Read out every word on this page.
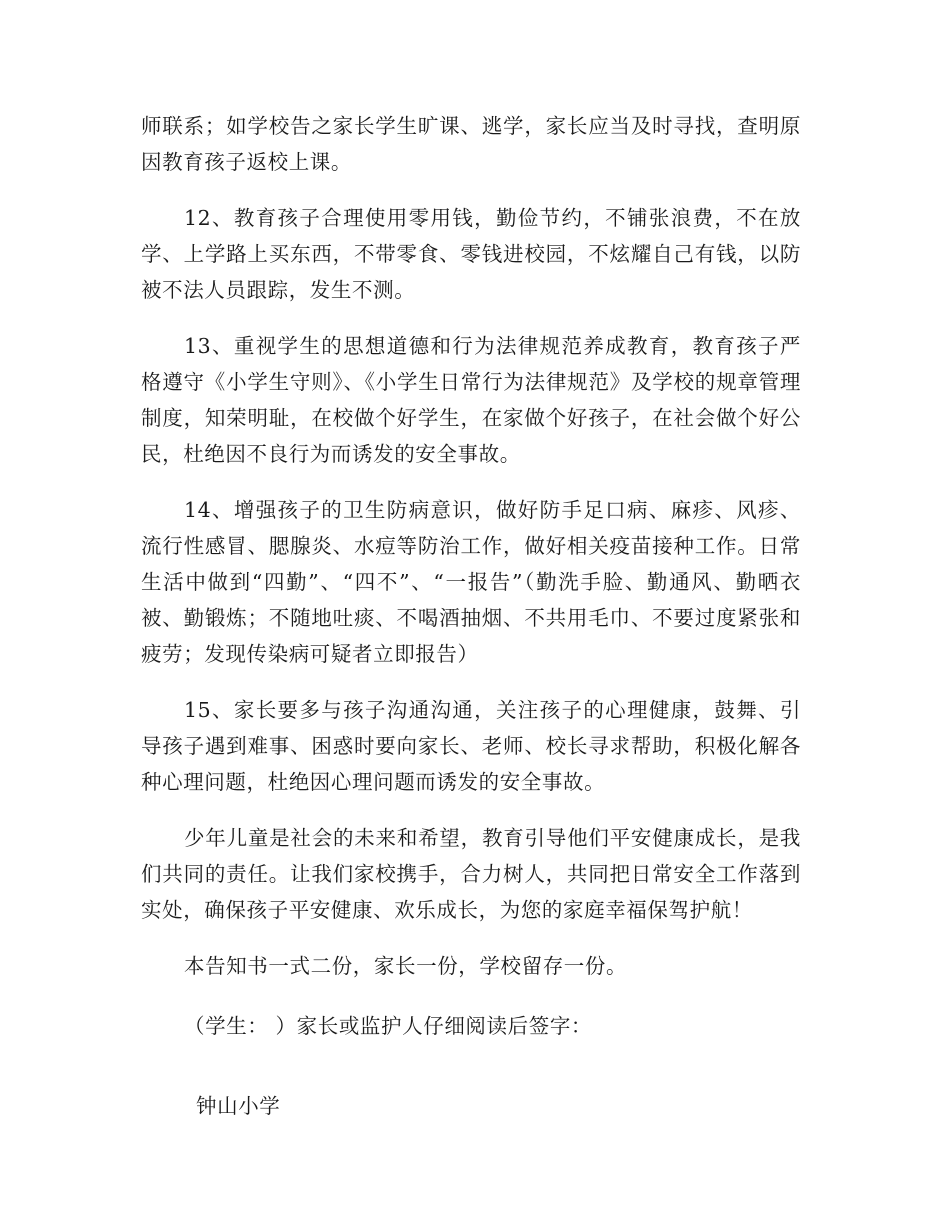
师联系；如学校告之家长学生旷课、逃学，家长应当及时寻找，查明原因教育孩子返校上课。

12、教育孩子合理使用零用钱，勤俭节约，不铺张浪费，不在放学、上学路上买东西，不带零食、零钱进校园，不炫耀自己有钱，以防被不法人员跟踪，发生不测。

13、重视学生的思想道德和行为法律规范养成教育，教育孩子严格遵守《小学生守则》、《小学生日常行为法律规范》及学校的规章管理制度，知荣明耻，在校做个好学生，在家做个好孩子，在社会做个好公民，杜绝因不良行为而诱发的安全事故。

14、增强孩子的卫生防病意识，做好防手足口病、麻疹、风疹、流行性感冒、腮腺炎、水痘等防治工作，做好相关疫苗接种工作。日常生活中做到“四勤”、“四不”、“一报告”（勤洗手脸、勤通风、勤晒衣被、勤锻炼；不随地吐痰、不喝酒抽烟、不共用毛巾、不要过度紧张和疲劳；发现传染病可疑者立即报告）

15、家长要多与孩子沟通沟通，关注孩子的心理健康，鼓舞、引导孩子遇到难事、困惑时要向家长、老师、校长寻求帮助，积极化解各种心理问题，杜绝因心理问题而诱发的安全事故。

少年儿童是社会的未来和希望，教育引导他们平安健康成长，是我们共同的责任。让我们家校携手，合力树人，共同把日常安全工作落到实处，确保孩子平安健康、欢乐成长，为您的家庭幸福保驾护航！

本告知书一式二份，家长一份，学校留存一份。

（学生： ）家长或监护人仔细阅读后签字：

钟山小学
